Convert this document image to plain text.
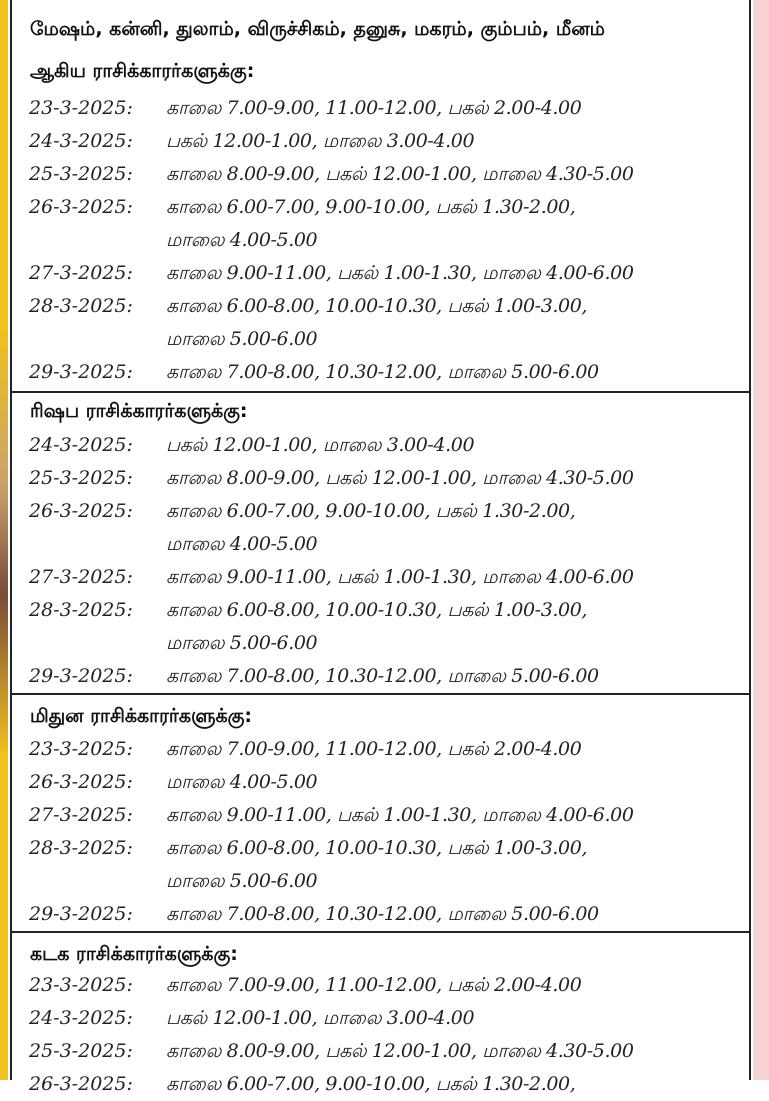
மேஷம், கன்னி, துலாம், விருச்சிகம், தனுசு, மகரம், கும்பம், மீனம்
ஆகிய ராசிக்காரர்களுக்கு:
23-3-2025: காலை 7.00-9.00, 11.00-12.00, பகல் 2.00-4.00
24-3-2025: பகல் 12.00-1.00, மாலை 3.00-4.00
25-3-2025: காலை 8.00-9.00, பகல் 12.00-1.00, மாலை 4.30-5.00
26-3-2025: காலை 6.00-7.00, 9.00-10.00, பகல் 1.30-2.00,
மாலை 4.00-5.00
27-3-2025: காலை 9.00-11.00, பகல் 1.00-1.30, மாலை 4.00-6.00
28-3-2025: காலை 6.00-8.00, 10.00-10.30, பகல் 1.00-3.00,
மாலை 5.00-6.00
29-3-2025: காலை 7.00-8.00, 10.30-12.00, மாலை 5.00-6.00
ரிஷப ராசிக்காரர்களுக்கு:
24-3-2025: பகல் 12.00-1.00, மாலை 3.00-4.00
25-3-2025: காலை 8.00-9.00, பகல் 12.00-1.00, மாலை 4.30-5.00
26-3-2025: காலை 6.00-7.00, 9.00-10.00, பகல் 1.30-2.00,
மாலை 4.00-5.00
27-3-2025: காலை 9.00-11.00, பகல் 1.00-1.30, மாலை 4.00-6.00
28-3-2025: காலை 6.00-8.00, 10.00-10.30, பகல் 1.00-3.00,
மாலை 5.00-6.00
29-3-2025: காலை 7.00-8.00, 10.30-12.00, மாலை 5.00-6.00
மிதுன ராசிக்காரர்களுக்கு:
23-3-2025: காலை 7.00-9.00, 11.00-12.00, பகல் 2.00-4.00
26-3-2025: மாலை 4.00-5.00
27-3-2025: காலை 9.00-11.00, பகல் 1.00-1.30, மாலை 4.00-6.00
28-3-2025: காலை 6.00-8.00, 10.00-10.30, பகல் 1.00-3.00,
மாலை 5.00-6.00
29-3-2025: காலை 7.00-8.00, 10.30-12.00, மாலை 5.00-6.00
கடக ராசிக்காரர்களுக்கு:
23-3-2025: காலை 7.00-9.00, 11.00-12.00, பகல் 2.00-4.00
24-3-2025: பகல் 12.00-1.00, மாலை 3.00-4.00
25-3-2025: காலை 8.00-9.00, பகல் 12.00-1.00, மாலை 4.30-5.00
26-3-2025: காலை 6.00-7.00, 9.00-10.00, பகல் 1.30-2.00,
